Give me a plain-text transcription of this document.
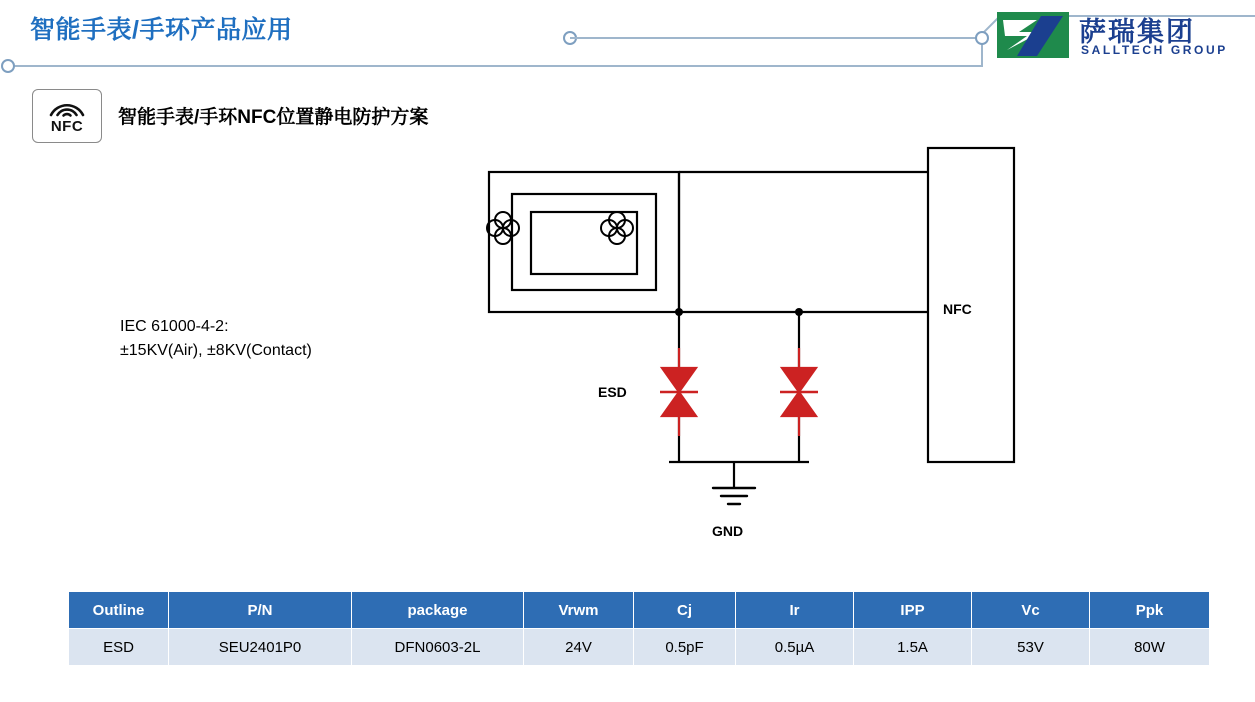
智能手表/手环产品应用	萨瑞集团
SALLTECH GROUP
NFC	智能手表/手环NFC位置静电防护方案
IEC 61000-4-2:
±15KV(Air), ±8KV(Contact)
ESD
GND
NFC
Outline	P/N	package	Vrwm	Cj	Ir	IPP	Vc	Ppk
ESD	SEU2401P0	DFN0603-2L	24V	0.5pF	0.5µA	1.5A	53V	80W
